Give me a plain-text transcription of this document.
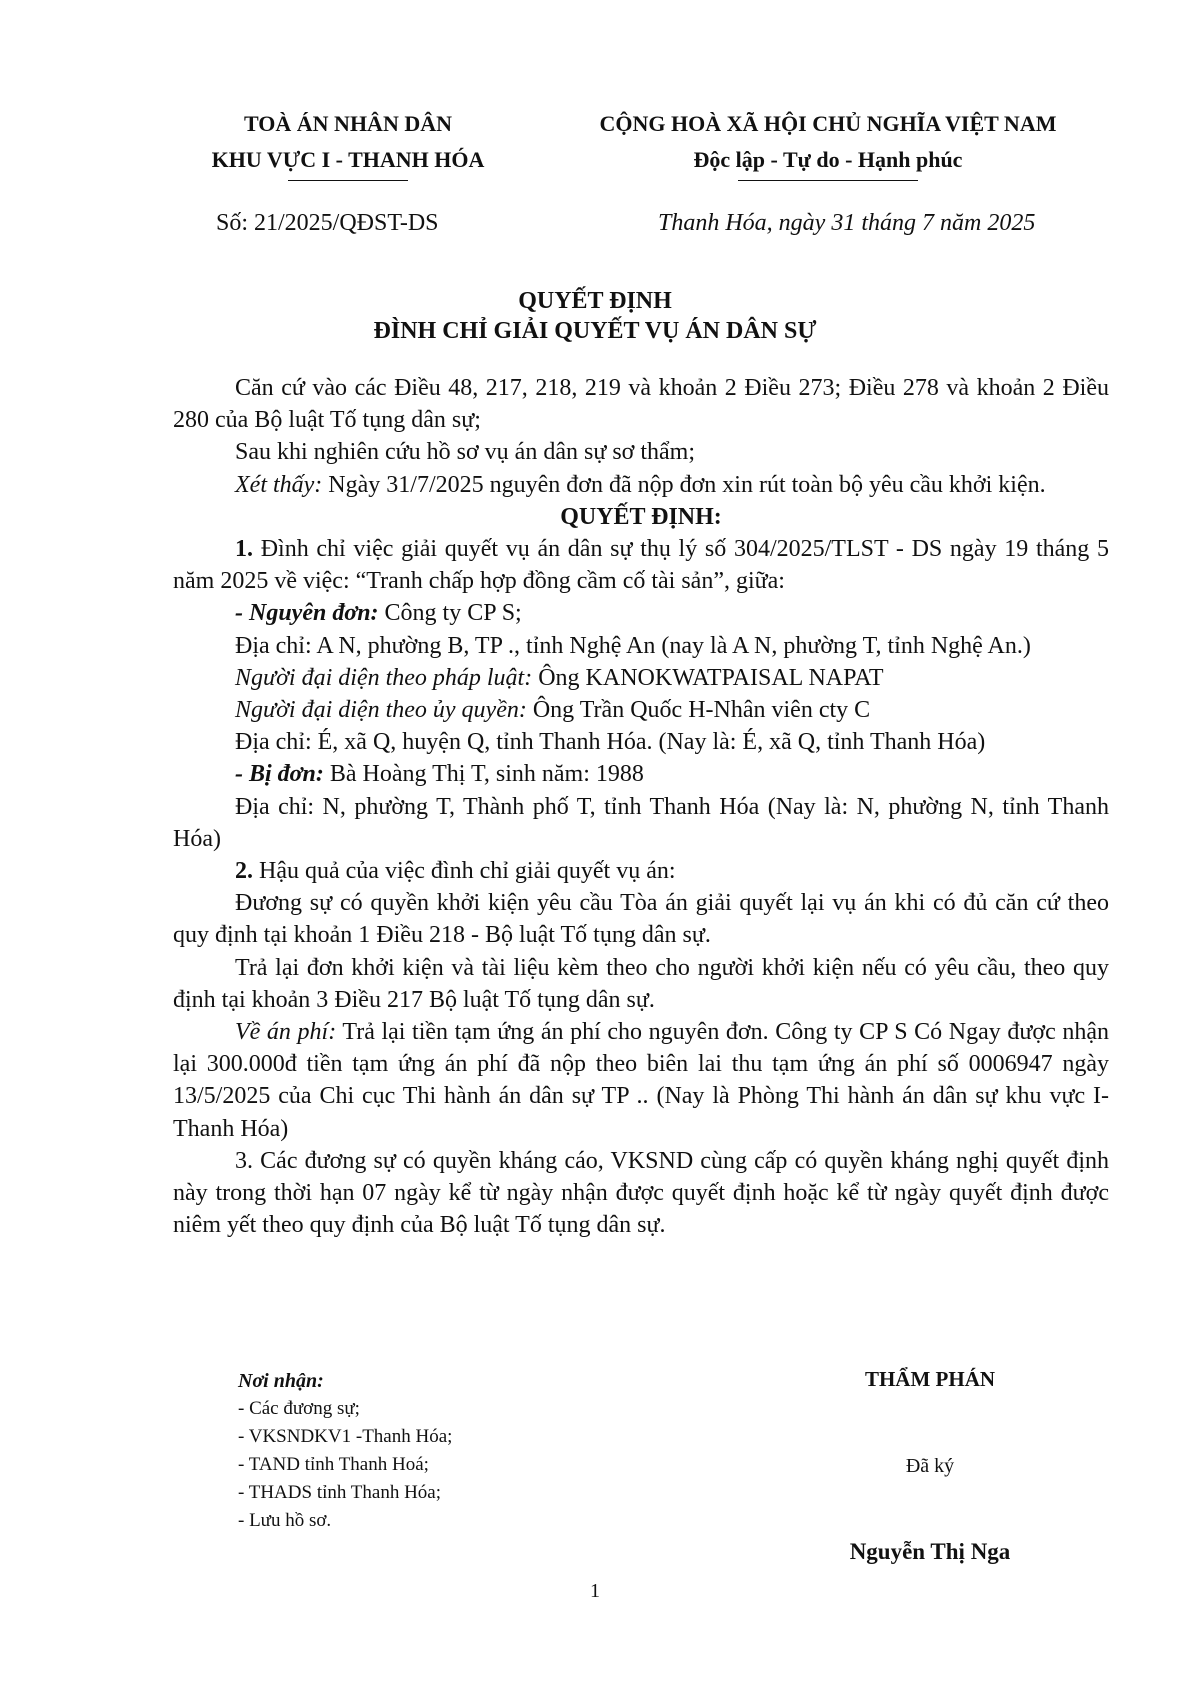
TOÀ ÁN NHÂN DÂN
KHU VỰC I - THANH HÓA
CỘNG HOÀ XÃ HỘI CHỦ NGHĨA VIỆT NAM
Độc lập - Tự do - Hạnh phúc
Số: 21/2025/QĐST-DS	Thanh Hóa, ngày 31 tháng 7 năm 2025
QUYẾT ĐỊNH
ĐÌNH CHỈ GIẢI QUYẾT VỤ ÁN DÂN SỰ

Căn cứ vào các Điều 48, 217, 218, 219 và khoản 2 Điều 273; Điều 278 và khoản 2 Điều 280 của Bộ luật Tố tụng dân sự;

Sau khi nghiên cứu hồ sơ vụ án dân sự sơ thẩm;

Xét thấy: Ngày 31/7/2025 nguyên đơn đã nộp đơn xin rút toàn bộ yêu cầu khởi kiện.

QUYẾT ĐỊNH:

1. Đình chỉ việc giải quyết vụ án dân sự thụ lý số 304/2025/TLST - DS ngày 19 tháng 5 năm 2025 về việc: “Tranh chấp hợp đồng cầm cố tài sản”, giữa:

- Nguyên đơn: Công ty CP S;

Địa chỉ: A N, phường B, TP ., tỉnh Nghệ An (nay là A N, phường T, tỉnh Nghệ An.)

Người đại diện theo pháp luật: Ông KANOKWATPAISAL NAPAT

Người đại diện theo ủy quyền: Ông Trần Quốc H-Nhân viên cty C

Địa chỉ: É, xã Q, huyện Q, tỉnh Thanh Hóa. (Nay là: É, xã Q, tỉnh Thanh Hóa)

- Bị đơn: Bà Hoàng Thị T, sinh năm: 1988

Địa chỉ: N, phường T, Thành phố T, tỉnh Thanh Hóa (Nay là: N, phường N, tỉnh Thanh Hóa)

2. Hậu quả của việc đình chỉ giải quyết vụ án:

Đương sự có quyền khởi kiện yêu cầu Tòa án giải quyết lại vụ án khi có đủ căn cứ theo quy định tại khoản 1 Điều 218 - Bộ luật Tố tụng dân sự.

Trả lại đơn khởi kiện và tài liệu kèm theo cho người khởi kiện nếu có yêu cầu, theo quy định tại khoản 3 Điều 217 Bộ luật Tố tụng dân sự.

Về án phí: Trả lại tiền tạm ứng án phí cho nguyên đơn. Công ty CP S Có Ngay được nhận lại 300.000đ tiền tạm ứng án phí đã nộp theo biên lai thu tạm ứng án phí số 0006947 ngày 13/5/2025 của Chi cục Thi hành án dân sự TP .. (Nay là Phòng Thi hành án dân sự khu vực I- Thanh Hóa)

3. Các đương sự có quyền kháng cáo, VKSND cùng cấp có quyền kháng nghị quyết định này trong thời hạn 07 ngày kể từ ngày nhận được quyết định hoặc kể từ ngày quyết định được niêm yết theo quy định của Bộ luật Tố tụng dân sự.

Nơi nhận:
- Các đương sự;
- VKSNDKV1 -Thanh Hóa;
- TAND tỉnh Thanh Hoá;
- THADS tỉnh Thanh Hóa;
- Lưu hồ sơ.
THẨM PHÁN
Đã ký
Nguyễn Thị Nga
1
